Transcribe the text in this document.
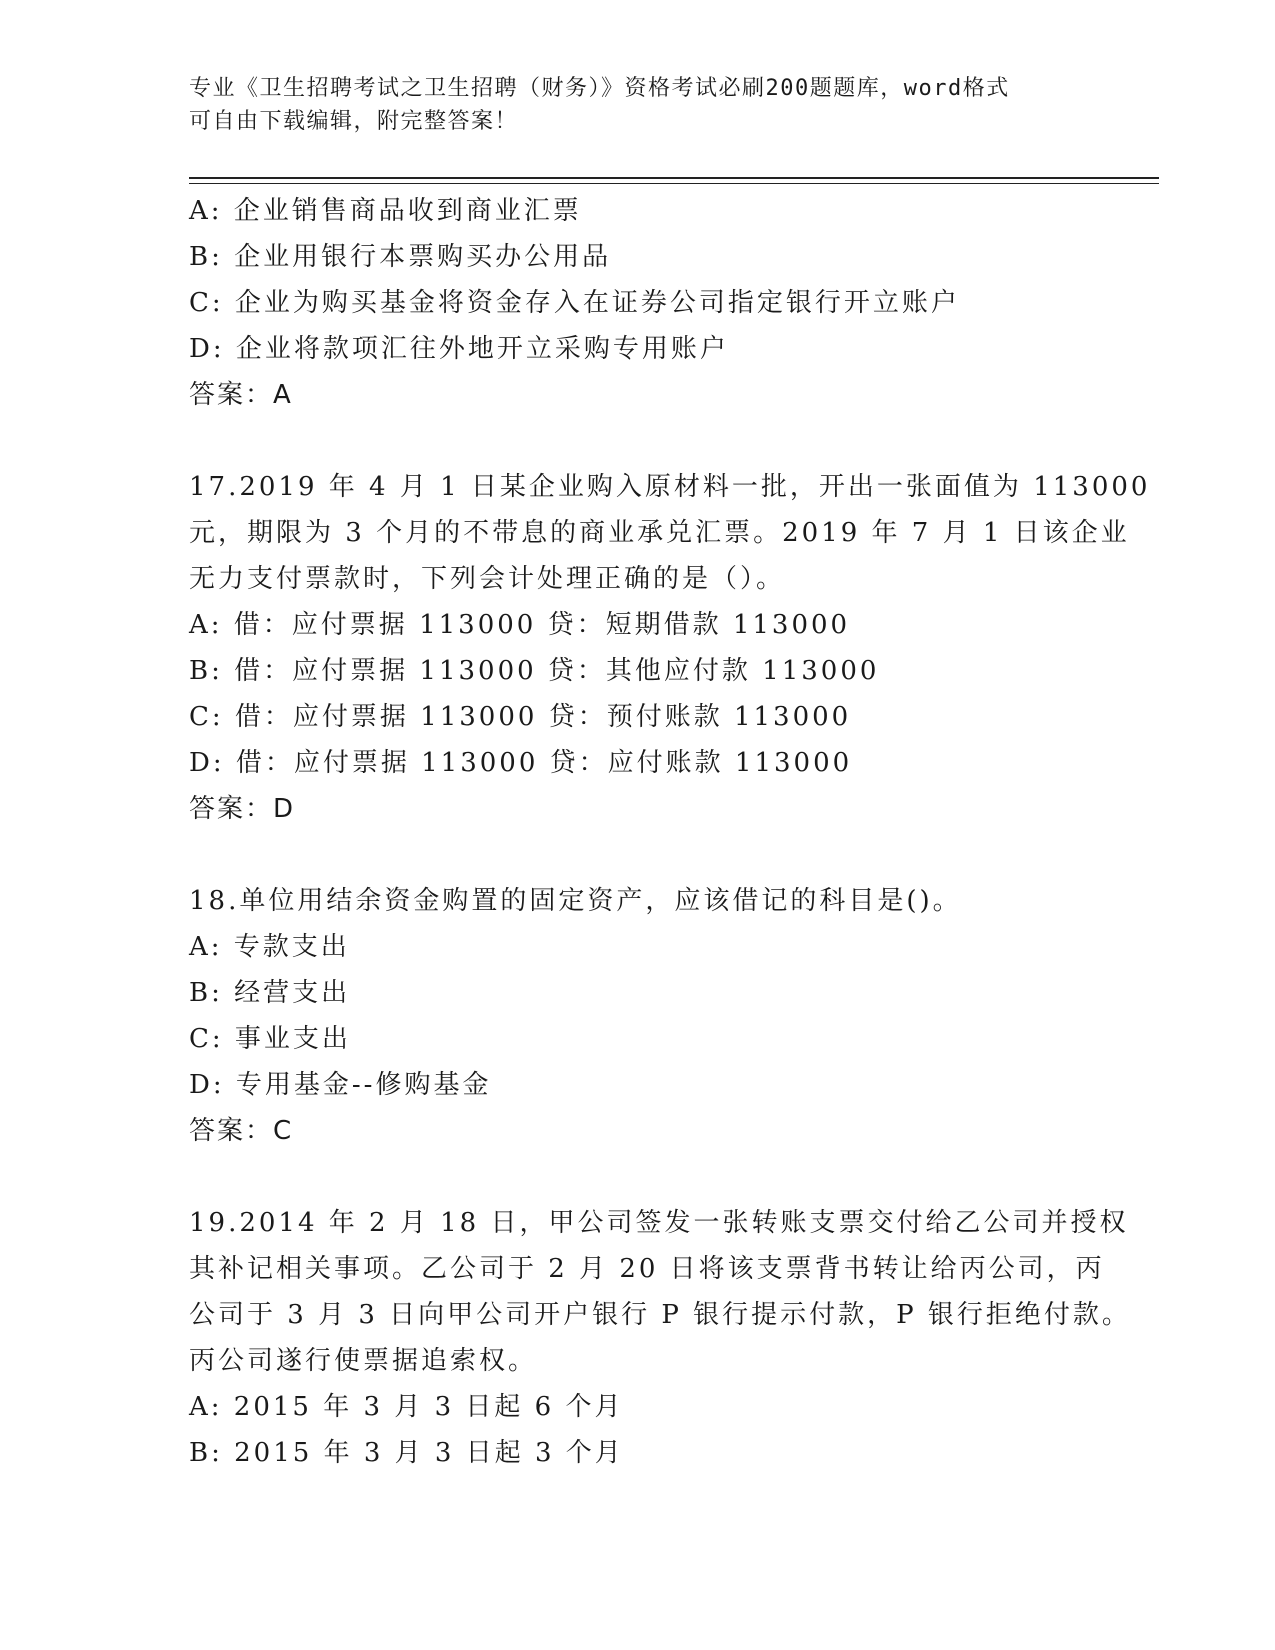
专业《卫生招聘考试之卫生招聘（财务）》资格考试必刷200题题库，word格式
可自由下载编辑，附完整答案！
A: 企业销售商品收到商业汇票
B: 企业用银行本票购买办公用品
C: 企业为购买基金将资金存入在证券公司指定银行开立账户
D: 企业将款项汇往外地开立采购专用账户
答案：A
17.2019 年 4 月 1 日某企业购入原材料一批，开出一张面值为 113000
元，期限为 3 个月的不带息的商业承兑汇票。2019 年 7 月 1 日该企业
无力支付票款时，下列会计处理正确的是（）。
A: 借：应付票据 113000 贷：短期借款 113000
B: 借：应付票据 113000 贷：其他应付款 113000
C: 借：应付票据 113000 贷：预付账款 113000
D: 借：应付票据 113000 贷：应付账款 113000
答案：D
18.单位用结余资金购置的固定资产，应该借记的科目是()。
A: 专款支出
B: 经营支出
C: 事业支出
D: 专用基金--修购基金
答案：C
19.2014 年 2 月 18 日，甲公司签发一张转账支票交付给乙公司并授权
其补记相关事项。乙公司于 2 月 20 日将该支票背书转让给丙公司，丙
公司于 3 月 3 日向甲公司开户银行 P 银行提示付款，P 银行拒绝付款。
丙公司遂行使票据追索权。
A: 2015 年 3 月 3 日起 6 个月
B: 2015 年 3 月 3 日起 3 个月
